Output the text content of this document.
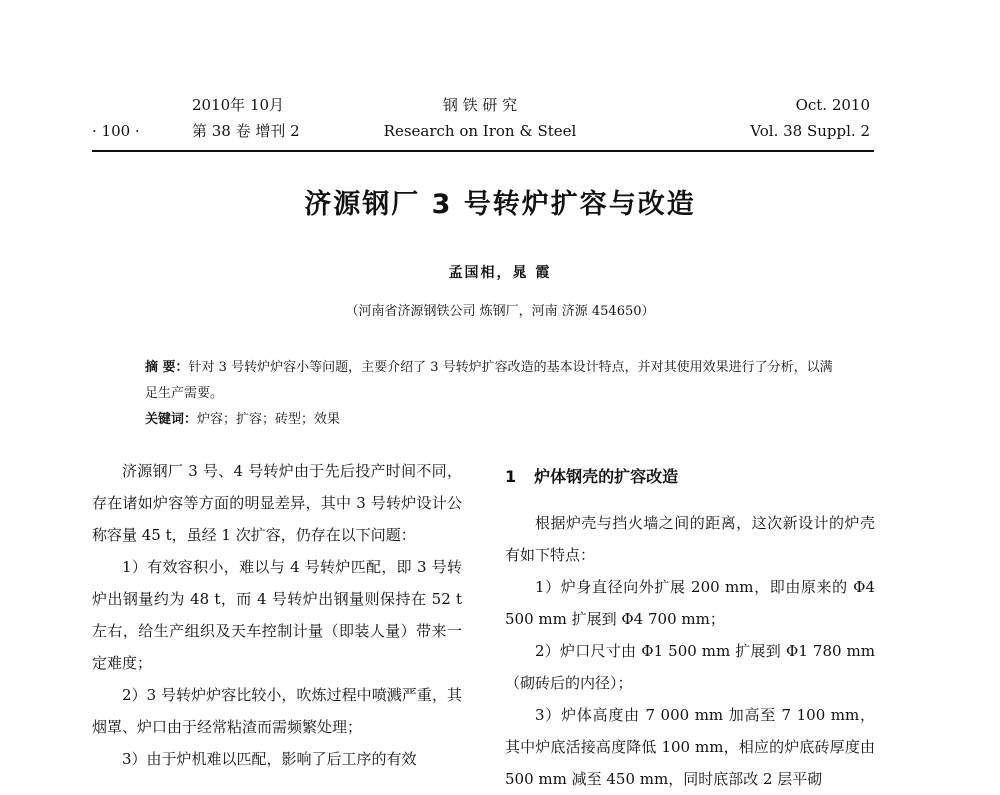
2010年 10月
· 100 ·	第 38 卷 增刊 2
钢 铁 研 究
Research on Iron & Steel
Oct. 2010
Vol. 38 Suppl. 2
济源钢厂 3 号转炉扩容与改造
孟国相，晁 霞
（河南省济源钢铁公司 炼钢厂，河南 济源 454650）
摘 要：针对 3 号转炉炉容小等问题，主要介绍了 3 号转炉扩容改造的基本设计特点，并对其使用效果进行了分析，以满足生产需要。
关键词：炉容；扩容；砖型；效果

济源钢厂 3 号、4 号转炉由于先后投产时间不同，存在诸如炉容等方面的明显差异，其中 3 号转炉设计公称容量 45 t，虽经 1 次扩容，仍存在以下问题：

1）有效容积小，难以与 4 号转炉匹配，即 3 号转炉出钢量约为 48 t，而 4 号转炉出钢量则保持在 52 t 左右，给生产组织及天车控制计量（即装人量）带来一定难度；

2）3 号转炉炉容比较小，吹炼过程中喷溅严重，其烟罩、炉口由于经常粘渣而需频繁处理；

3）由于炉机难以匹配，影响了后工序的有效

1 炉体钢壳的扩容改造

根据炉壳与挡火墙之间的距离，这次新设计的炉壳有如下特点：

1）炉身直径向外扩展 200 mm，即由原来的 Φ4 500 mm 扩展到 Φ4 700 mm；

2）炉口尺寸由 Φ1 500 mm 扩展到 Φ1 780 mm（砌砖后的内径）；

3）炉体高度由 7 000 mm 加高至 7 100 mm，其中炉底活接高度降低 100 mm，相应的炉底砖厚度由 500 mm 减至 450 mm，同时底部改 2 层平砌
